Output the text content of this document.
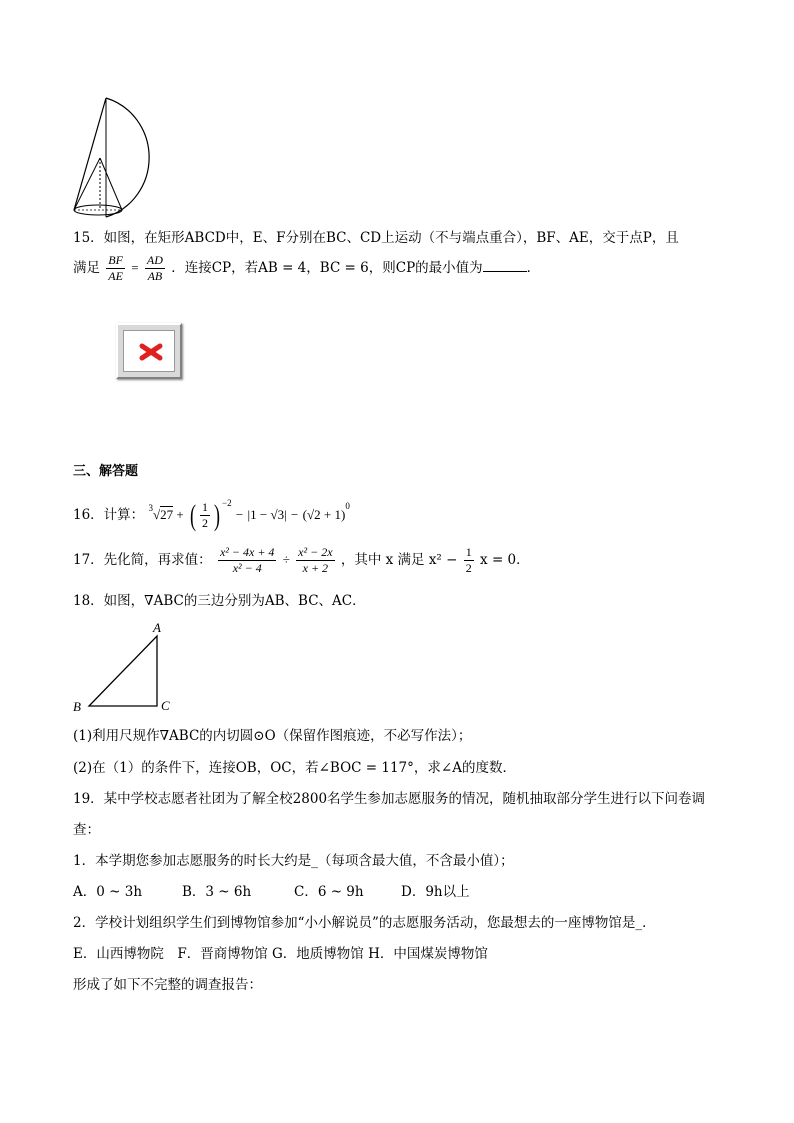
15．如图，在矩形ABCD中，E、F分别在BC、CD上运动（不与端点重合），BF、AE，交于点P，且
满足 $\frac{BF}{AE} = \frac{AD}{AB}$ ．连接CP，若AB = 4，BC = 6，则CP的最小值为	．
三、解答题
16．计算： $^3$√27 + ( $\frac{1}{2}$ ) $^{-2} - |1 - √3| - (√2 + 1)^0$
17．先化简，再求值： $\frac{\text{x² − 4x + 4}}{\text{x² − 4}} \div \frac{\text{x² − 2x}}{x + 2}$ ，其中 x 满足 $x^2 - \frac{1}{2}$ x = 0．
18．如图，∇ABC的三边分别为AB、BC、AC．
A
B	C
(1)利用尺规作∇ABC的内切圆⊙O（保留作图痕迹，不必写作法）；
(2)在（1）的条件下，连接OB，OC，若∠BOC = 117°，求∠A的度数．
19．某中学校志愿者社团为了解全校2800名学生参加志愿服务的情况，随机抽取部分学生进行以下问卷调
查：
1．本学期您参加志愿服务的时长大约是_（每项含最大值，不含最小值）；
A．0 ~ 3h	B．3 ~ 6h	C．6 ~ 9h	D．9h以上
2．学校计划组织学生们到博物馆参加“小小解说员”的志愿服务活动，您最想去的一座博物馆是_．
E．山西博物院　F．晋商博物馆 G．地质博物馆 H．中国煤炭博物馆
形成了如下不完整的调查报告：
